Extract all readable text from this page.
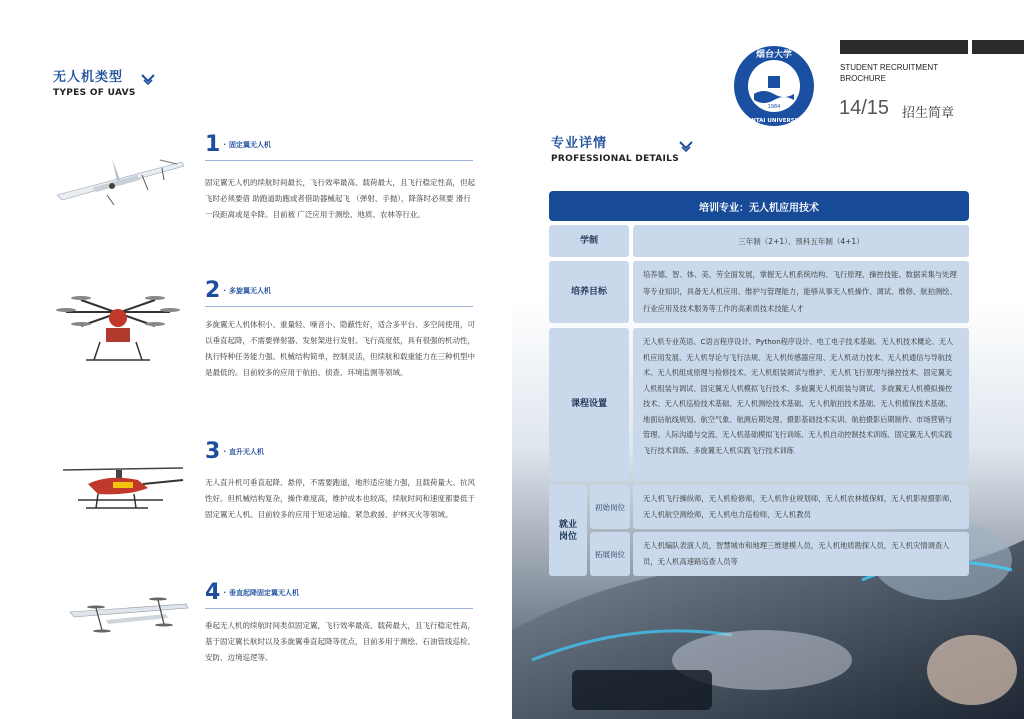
无人机类型
TYPES OF UAVS
1 · 固定翼无人机
固定翼无人机的续航时间最长，飞行效率最高、载荷最大，且飞行稳定性高，但起飞时必须要借 助跑道助跑或者借助器械起飞 （弹射、手抛），降落时必须要 滑行一段距离或是伞降。目前被 广泛应用于测绘、地质、农林等行业。
2 · 多旋翼无人机
多旋翼无人机体积小、重量轻、噪音小、隐蔽性好，适合多平台、多空间使用，可以垂直起降，不需要弹射器、发射架进行发射。飞行高度低，具有很强的机动性，执行特种任务能力强。机械结构简单，控制灵活，但续航和载重能力在三种机型中是最低的。目前较多的应用于航拍、侦查、环境监测等领域。
3 · 直升无人机
无人直升机可垂直起降、悬停，不需要跑道，地形适应能力强，且载荷量大、抗风性好。但机械结构复杂，操作难度高，维护成本也较高，续航时间和速度都要低于固定翼无人机。目前较多的应用于短途运输、紧急救援、护林灭火等领域。
4 · 垂直起降固定翼无人机
垂起无人机的续航时间类似固定翼，飞行效率最高、载荷最大，且飞行稳定性高，基于固定翼长航时以及多旋翼垂直起降等优点，目前多用于测绘、石油管线巡检、安防、边境巡逻等。
烟台大学
YANTAI UNIVERSITY
1984
STUDENT RECRUITMENT
BROCHURE
14/15 招生简章
专业详情
PROFESSIONAL DETAILS
培训专业：无人机应用技术
学制	三年制（2+1）、预科五年制（4+1）
培养目标
培养德、智、体、美、劳全面发展，掌握无人机系统结构、飞行原理、操控技能、数据采集与处理等专业知识，具备无人机应用、维护与管理能力，能够从事无人机操作、调试、维修、航拍测绘、行业应用及技术服务等工作的高素质技术技能人才
课程设置
无人机专业英语、C语言程序设计、Python程序设计、电工电子技术基础、无人机技术概论、无人机应用发展、无人机导论与飞行法规、无人机传感器应用、无人机动力技术、无人机通信与导航技术、无人机组成原理与检修技术、无人机组装调试与维护、无人机飞行原理与操控技术、固定翼无人机组装与调试、固定翼无人机模拟飞行技术、多旋翼无人机组装与调试、多旋翼无人机模拟操控技术、无人机巡检技术基础、无人机测绘技术基础、无人机航拍技术基础、无人机植保技术基础、地面站航线规划、航空气象、航测后期处理、摄影基础技术实训、航拍摄影后期制作、市场营销与管理、人际沟通与交流、无人机基础模拟飞行训练、无人机自动控制技术训练、固定翼无人机实践飞行技术训练、多旋翼无人机实践飞行技术训练
就业岗位
初始岗位
无人机飞行操纵师，无人机检修师，无人机作业规划师，无人机农林植保师，无人机影视摄影师，无人机航空测绘师，无人机电力巡检师，无人机教员
拓展岗位
无人机编队表演人员，智慧城市和地理三维建模人员，无人机地质勘探人员，无人机灾情调查人员，无人机高速路巡查人员等
